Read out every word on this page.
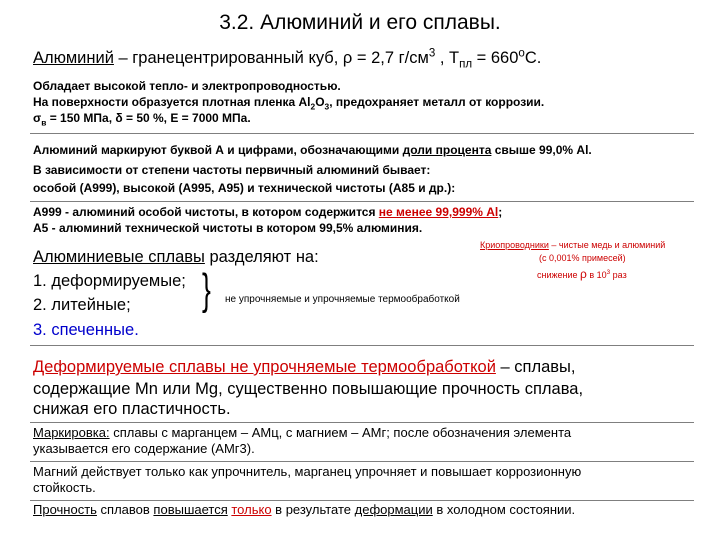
3.2. Алюминий и его сплавы.
Алюминий – гранецентрированный куб, ρ = 2,7 $г/см^3$ , $Т_{пл} = 660^оС$.
Обладает высокой тепло- и электропроводностью.
На поверхности образуется плотная пленка $Al_2O_3$, предохраняет металл от коррозии.
$\sigma_в = 150$ МПа, δ = 50 %, Е = 7000 МПа.
Алюминий маркируют буквой А и цифрами, обозначающими доли процента свыше 99,0% Al.
В зависимости от степени частоты первичный алюминий бывает:
особой (А999), высокой (А995, А95) и технической чистоты (А85 и др.):
А999 - алюминий особой чистоты, в котором содержится не менее 99,999% Al;
А5 - алюминий технической чистоты в котором 99,5% алюминия.
Алюминиевые сплавы разделяют на:
1. деформируемые;
2. литейные;
3. спеченные.
} не упрочняемые и упрочняемые термообработкой
Криопроводники – чистые медь и алюминий
(с 0,001% примесей)
снижение ρ в $10^3$ раз
Деформируемые сплавы не упрочняемые термообработкой – сплавы,
содержащие Mn или Mg, существенно повышающие прочность сплава,
снижая его пластичность.
Маркировка: сплавы с марганцем – АМц, с магнием – АМг; после обозначения элемента
указывается его содержание (АМг3).
Магний действует только как упрочнитель, марганец упрочняет и повышает коррозионную
стойкость.
Прочность сплавов повышается только в результате деформации в холодном состоянии.
